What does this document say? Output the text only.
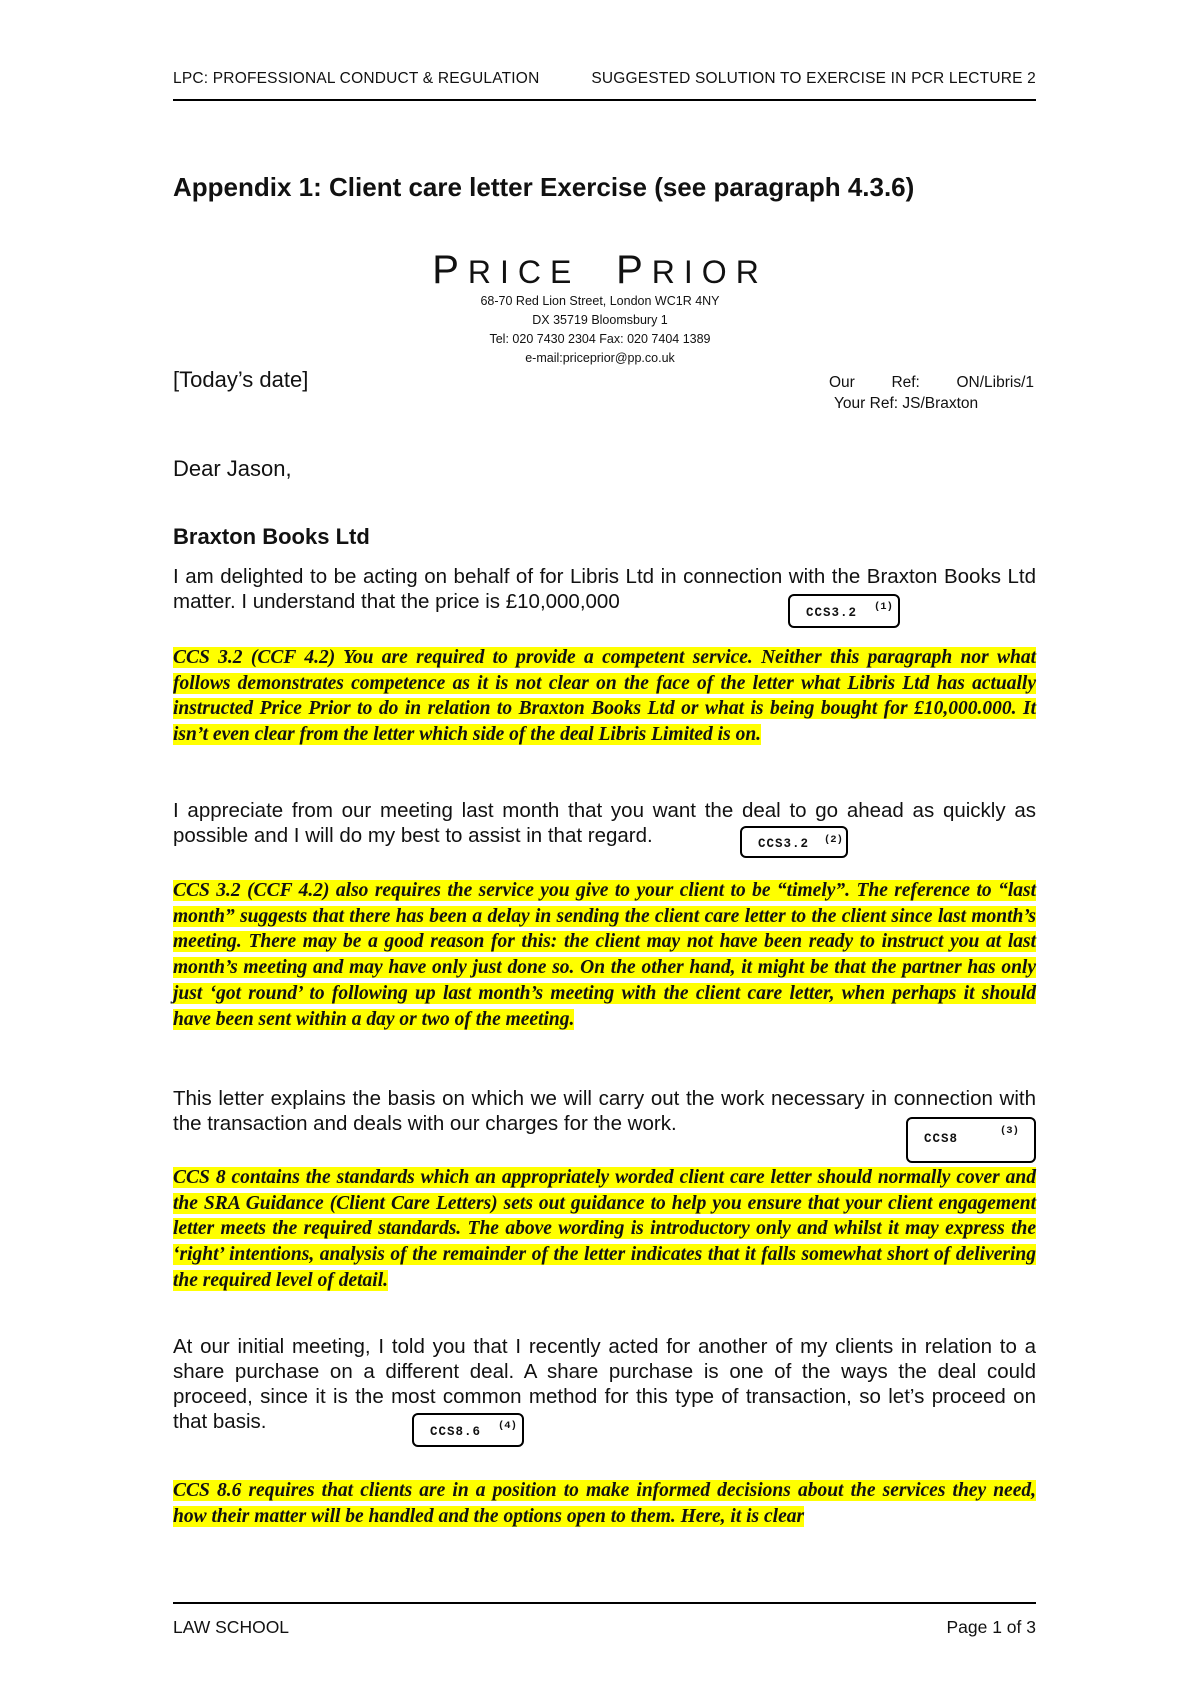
LPC: PROFESSIONAL CONDUCT & REGULATION	SUGGESTED SOLUTION TO EXERCISE IN PCR LECTURE 2
Appendix 1: Client care letter Exercise (see paragraph 4.3.6)
PRICE PRIOR
68-70 Red Lion Street, London WC1R 4NY
DX 35719 Bloomsbury 1
Tel: 020 7430 2304 Fax: 020 7404 1389
e-mail:priceprior@pp.co.uk
[Today’s date]	Our Ref: ON/Libris/1
Your Ref: JS/Braxton
Dear Jason,
Braxton Books Ltd
I am delighted to be acting on behalf of for Libris Ltd in connection with the Braxton Books Ltd matter. I understand that the price is £10,000,000	CCS3.2 (1)
CCS 3.2 (CCF 4.2) You are required to provide a competent service. Neither this paragraph nor what follows demonstrates competence as it is not clear on the face of the letter what Libris Ltd has actually instructed Price Prior to do in relation to Braxton Books Ltd or what is being bought for £10,000.000. It isn’t even clear from the letter which side of the deal Libris Limited is on.
I appreciate from our meeting last month that you want the deal to go ahead as quickly as possible and I will do my best to assist in that regard.	CCS3.2 (2)
CCS 3.2 (CCF 4.2) also requires the service you give to your client to be “timely”. The reference to “last month” suggests that there has been a delay in sending the client care letter to the client since last month’s meeting. There may be a good reason for this: the client may not have been ready to instruct you at last month’s meeting and may have only just done so. On the other hand, it might be that the partner has only just ‘got round’ to following up last month’s meeting with the client care letter, when perhaps it should have been sent within a day or two of the meeting.
This letter explains the basis on which we will carry out the work necessary in connection with the transaction and deals with our charges for the work.
CCS8
(3)
CCS 8 contains the standards which an appropriately worded client care letter should normally cover and the SRA Guidance (Client Care Letters) sets out guidance to help you ensure that your client engagement letter meets the required standards. The above wording is introductory only and whilst it may express the ‘right’ intentions, analysis of the remainder of the letter indicates that it falls somewhat short of delivering the required level of detail.
At our initial meeting, I told you that I recently acted for another of my clients in relation to a share purchase on a different deal. A share purchase is one of the ways the deal could proceed, since it is the most common method for this type of transaction, so let’s proceed on that basis.	CCS8.6 (4)
CCS 8.6 requires that clients are in a position to make informed decisions about the services they need, how their matter will be handled and the options open to them. Here, it is clear
LAW SCHOOL	Page 1 of 3
